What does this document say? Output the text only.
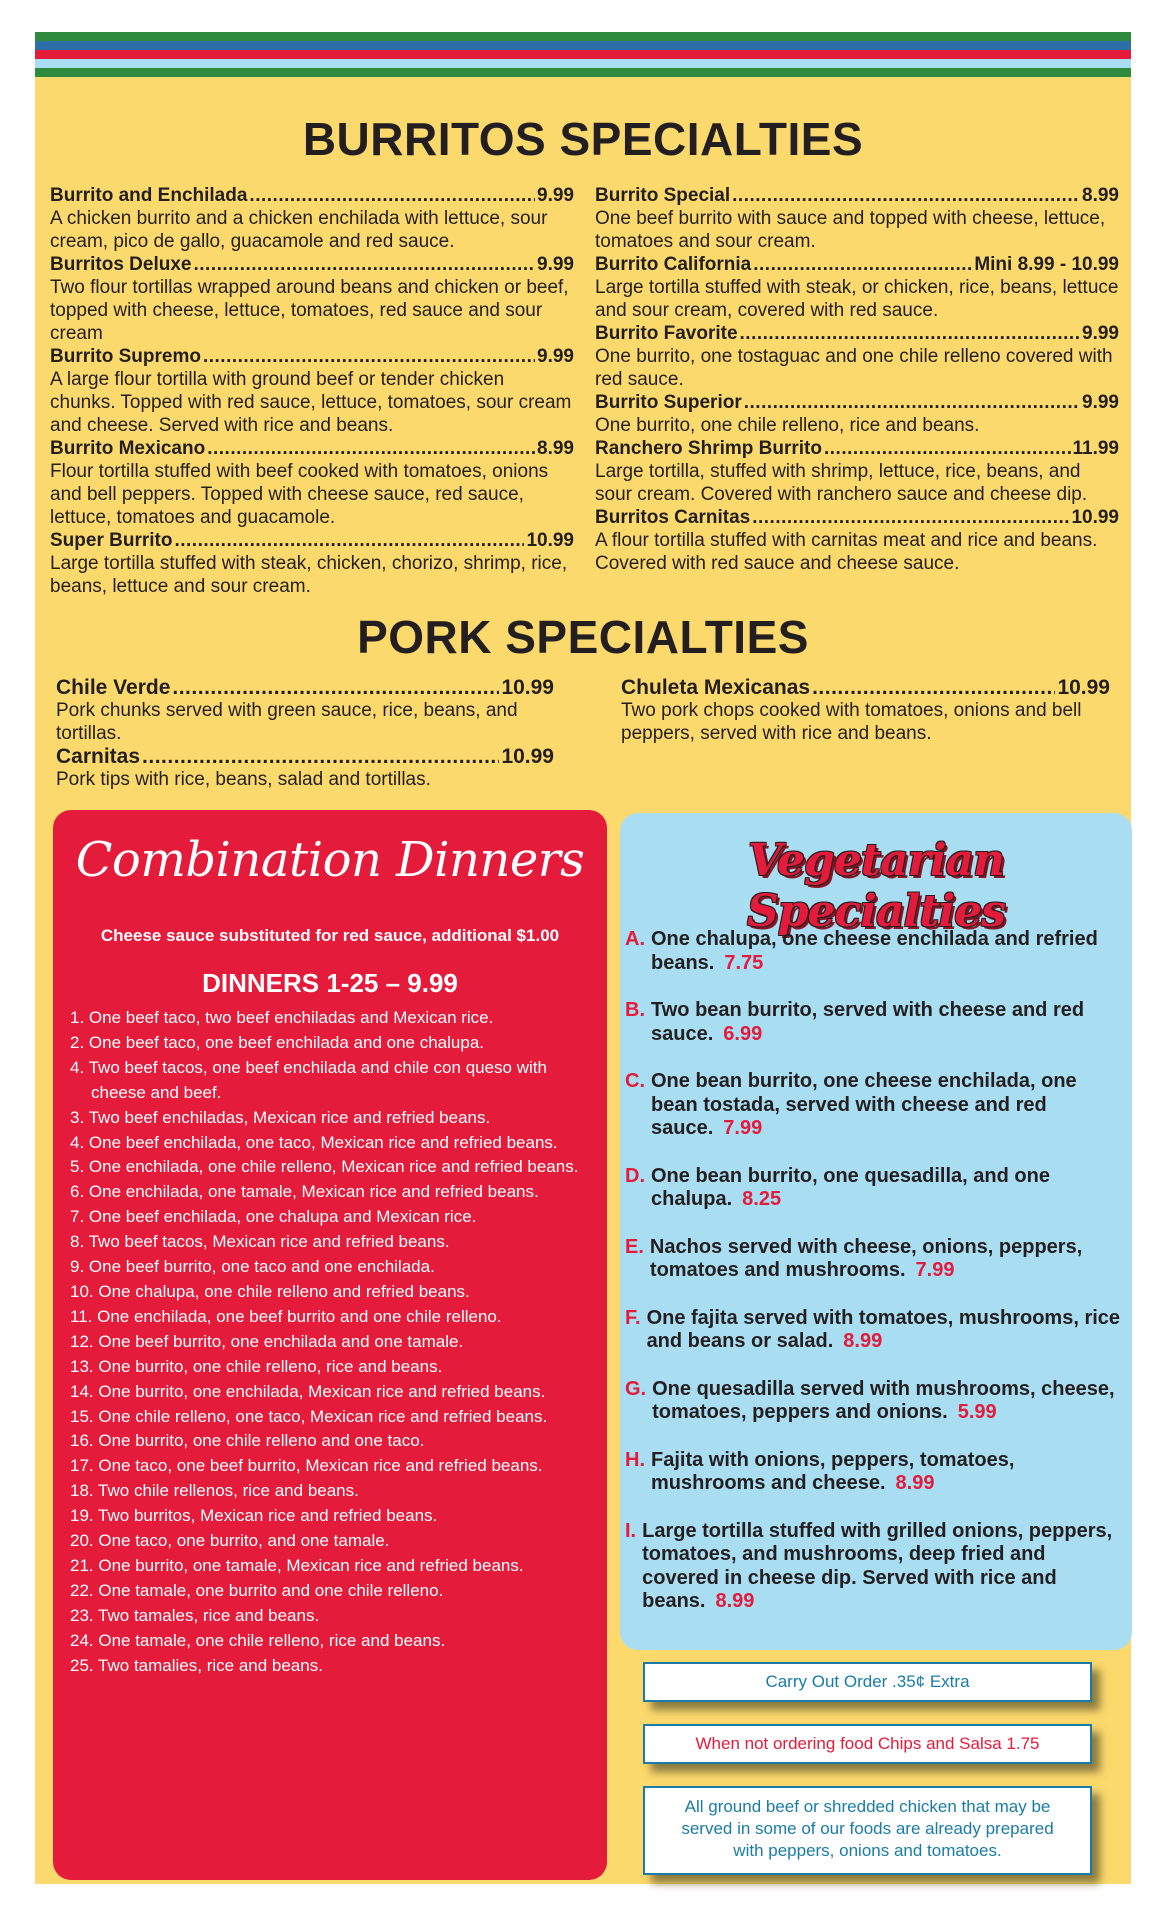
BURRITOS SPECIALTIES
Burrito and Enchilada .....	9.99
A chicken burrito and a chicken enchilada with lettuce, sour cream, pico de gallo, guacamole and red sauce.
Burritos Deluxe .....	9.99
Two flour tortillas wrapped around beans and chicken or beef, topped with cheese, lettuce, tomatoes, red sauce and sour cream
Burrito Supremo .....	9.99
A large flour tortilla with ground beef or tender chicken chunks. Topped with red sauce, lettuce, tomatoes, sour cream and cheese. Served with rice and beans.
Burrito Mexicano .....	8.99
Flour tortilla stuffed with beef cooked with tomatoes, onions and bell peppers. Topped with cheese sauce, red sauce, lettuce, tomatoes and guacamole.
Super Burrito .....	10.99
Large tortilla stuffed with steak, chicken, chorizo, shrimp, rice, beans, lettuce and sour cream.
Burrito Special .....	8.99
One beef burrito with sauce and topped with cheese, lettuce, tomatoes and sour cream.
Burrito California .....	Mini 8.99 - 10.99
Large tortilla stuffed with steak, or chicken, rice, beans, lettuce and sour cream, covered with red sauce.
Burrito Favorite .....	9.99
One burrito, one tostaguac and one chile relleno covered with red sauce.
Burrito Superior .....	9.99
One burrito, one chile relleno, rice and beans.
Ranchero Shrimp Burrito .....	11.99
Large tortilla, stuffed with shrimp, lettuce, rice, beans, and sour cream. Covered with ranchero sauce and cheese dip.
Burritos Carnitas .....	10.99
A flour tortilla stuffed with carnitas meat and rice and beans. Covered with red sauce and cheese sauce.
PORK SPECIALTIES
Chile Verde .....	10.99
Pork chunks served with green sauce, rice, beans, and tortillas.
Carnitas .....	10.99
Pork tips with rice, beans, salad and tortillas.
Chuleta Mexicanas .....	10.99
Two pork chops cooked with tomatoes, onions and bell peppers, served with rice and beans.
Combination Dinners
Cheese sauce substituted for red sauce, additional $1.00
DINNERS 1-25 – 9.99
1. One beef taco, two beef enchiladas and Mexican rice.
2. One beef taco, one beef enchilada and one chalupa.
4. Two beef tacos, one beef enchilada and chile con queso with cheese and beef.
3. Two beef enchiladas, Mexican rice and refried beans.
4. One beef enchilada, one taco, Mexican rice and refried beans.
5. One enchilada, one chile relleno, Mexican rice and refried beans.
6. One enchilada, one tamale, Mexican rice and refried beans.
7. One beef enchilada, one chalupa and Mexican rice.
8. Two beef tacos, Mexican rice and refried beans.
9. One beef burrito, one taco and one enchilada.
10. One chalupa, one chile relleno and refried beans.
11. One enchilada, one beef burrito and one chile relleno.
12. One beef burrito, one enchilada and one tamale.
13. One burrito, one chile relleno, rice and beans.
14. One burrito, one enchilada, Mexican rice and refried beans.
15. One chile relleno, one taco, Mexican rice and refried beans.
16. One burrito, one chile relleno and one taco.
17. One taco, one beef burrito, Mexican rice and refried beans.
18. Two chile rellenos, rice and beans.
19. Two burritos, Mexican rice and refried beans.
20. One taco, one burrito, and one tamale.
21. One burrito, one tamale, Mexican rice and refried beans.
22. One tamale, one burrito and one chile relleno.
23. Two tamales, rice and beans.
24. One tamale, one chile relleno, rice and beans.
25. Two tamalies, rice and beans.
Vegetarian Specialties
A. One chalupa, one cheese enchilada and refried beans. 7.75
B. Two bean burrito, served with cheese and red sauce. 6.99
C. One bean burrito, one cheese enchilada, one bean tostada, served with cheese and red sauce. 7.99
D. One bean burrito, one quesadilla, and one chalupa. 8.25
E. Nachos served with cheese, onions, peppers, tomatoes and mushrooms. 7.99
F. One fajita served with tomatoes, mushrooms, rice and beans or salad. 8.99
G. One quesadilla served with mushrooms, cheese, tomatoes, peppers and onions. 5.99
H. Fajita with onions, peppers, tomatoes, mushrooms and cheese. 8.99
I. Large tortilla stuffed with grilled onions, peppers, tomatoes, and mushrooms, deep fried and covered in cheese dip. Served with rice and beans. 8.99
Carry Out Order .35¢ Extra
When not ordering food Chips and Salsa 1.75
All ground beef or shredded chicken that may be served in some of our foods are already prepared with peppers, onions and tomatoes.
